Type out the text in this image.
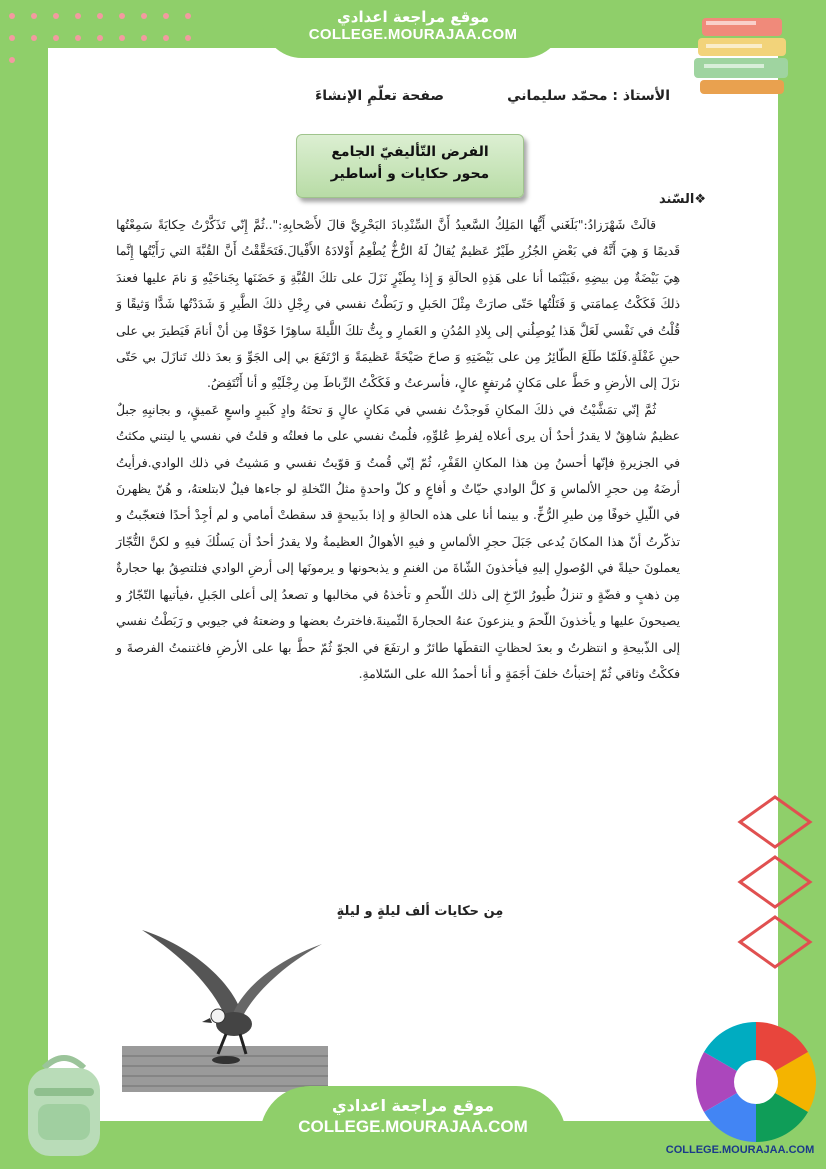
موقع مراجعة اعدادي
COLLEGE.MOURAJAA.COM
الأستاذ : محمّد سليماني
صفحة تعلّمِ الإنشاءَ
الفرض التّأليفيّ الجامع
محور حكايات و أساطير
❖السّند

قالَتْ شَهْرَزادُ:"بَلَغَني أَيُّها المَلِكُ السَّعيدُ أَنَّ السِّنْدِبادَ البَحْرِيَّ قالَ لأَصْحابِهِ:"..ثُمَّ إِنّي تَذَكَّرْتُ حِكايَةً سَمِعْتُها قَديمًا وَ هِيَ أَنَّهُ في بَعْضِ الجُزُرِ طَيْرٌ عَظيمٌ يُقالُ لَهُ الرُّخُّ يُطْعِمُ أَوْلادَهُ الأَفْيالَ.فَتَحَقَّقْتُ أَنَّ القُبَّةَ التي رَأَيْتُها إِنَّما هِيَ بَيْضَةٌ مِن بيضِهِ ،فَبَيْنَما أنا على هَذِهِ الحالَةِ وَ إِذا بِطَيْرٍ نَزَلَ على تلكَ القُبَّةِ وَ حَضَنَها بِجَناحَيْهِ وَ نامَ عليها فعندَ ذلكَ فَكَكْتُ عِمامَتي وَ فَتَلْتُها حَتّى صارَتْ مِثْلَ الحَبلِ و رَبَطْتُ نفسي في رِجْلِ ذلكَ الطَّيرِ وَ شَدَدْتُها شَدًّا وَثيقًا وَ قُلْتُ في نَفْسي لَعَلَّ هَذا يُوصِلُني إلى بِلادِ المُدُنِ و العَمارِ و بِتُّ تلكَ اللَّيلةَ ساهِرًا خَوْفًا مِن أنْ أنامَ فَيَطيرَ بي على حينِ غَفْلَةٍ.فَلَمّا طَلَعَ الطّائِرُ مِن على بَيْضَتِهِ وَ صاحَ صَيْحَةً عَظيمَةً وَ ارْتَفَعَ بي إلى الجَوِّ وَ بعدَ ذلك تَنازَلَ بي حَتّى نزَلَ إلى الأرضِ و حَطَّ على مَكانٍ مُرتفعٍ عالٍ، فأسرعتُ و فَكَكْتُ الرِّباطَ مِن رِجْلَيْهِ و أنا أَنْتَفِضُ.

ثُمَّ إنّي تمَشَّيْتُ في ذلكَ المكانِ فَوجدْتُ نفسي في مَكانٍ عالٍ وَ تحتَهُ وادٍ كَبيرٍ واسعٍ عَميقٍ، و بجانبِهِ جبلٌ عظيمٌ شاهِقٌ لا يقدرُ أحدٌ أن يرى أعلاه لِفرطِ عُلوِّهِ، فلُمتُ نفسي على ما فعلتُه و قلتُ في نفسي يا ليتني مكثتُ في الجزيرةِ فإنّها أحسنُ مِن هذا المكانِ القَفْرِ، ثُمّ إنّي قُمتُ وَ قوّيتُ نفسي و مَشيتُ في ذلك الوادي.فرأيتُ أرضَهُ مِن حجرِ الألماسِ وَ كلَّ الوادي حيّاتٌ و أفاعٍ و كلّ واحدةٍ مثلُ النّخلةِ لو جاءها فيلٌ لابتلعتهُ، و هُنّ يظهرنَ في اللّيلِ خوفًا مِن طيرِ الرُّخِّ. و بينما أنا على هذه الحالةِ و إذا بذَبيحةٍ قد سقطتْ أمامي و لم أجِدْ أحدًا فتعجّبتُ و تذكّرتُ أنّ هذا المكانَ يُدعى جَبَلَ حجرِ الألماسِ و فيهِ الأهوالُ العظيمةُ ولا يقدرُ أحدٌ أن يَسلُكَ فيهِ و لكنَّ التُّجّارَ يعملونَ حيلةً في الوُصولِ إليهِ فيأخذونَ الشّاةَ من الغنمِ و يذبحونها و يرمونَها إلى أرضِ الوادي فتلتصِقُ بها حجارةٌ مِن ذهبٍ و فضّةٍ و تنزلُ طُيورُ الرّخِ إلى ذلك اللّحمِ و تأخذهُ في مخالبها و تصعدُ إلى أعلى الجَبلِ ،فيأتيها التّجّارُ و يصيحونَ عليها و يأخذونَ اللّحمَ و ينزعونَ عنهُ الحجارةَ الثّمينةَ.فاخترتُ بعضها و وضعتهُ في جيوبي و رَبَطْتُ نفسي إلى الذّبيحةِ و انتظرتُ و بعدَ لحظاتٍ التقطَها طائرٌ و ارتفَعَ في الجوّ ثُمّ حطَّ بها على الأرضِ فاغتنمتُ الفرصةَ و فككْتُ وثاقي ثُمّ إختبأتُ خلفَ أجَمَةٍ و أنا أحمدُ الله على السّلامةِ.

مِن حكايات ألف ليلةٍ و ليلةٍ
موقع مراجعة اعدادي
COLLEGE.MOURAJAA.COM
COLLEGE.MOURAJAA.COM
